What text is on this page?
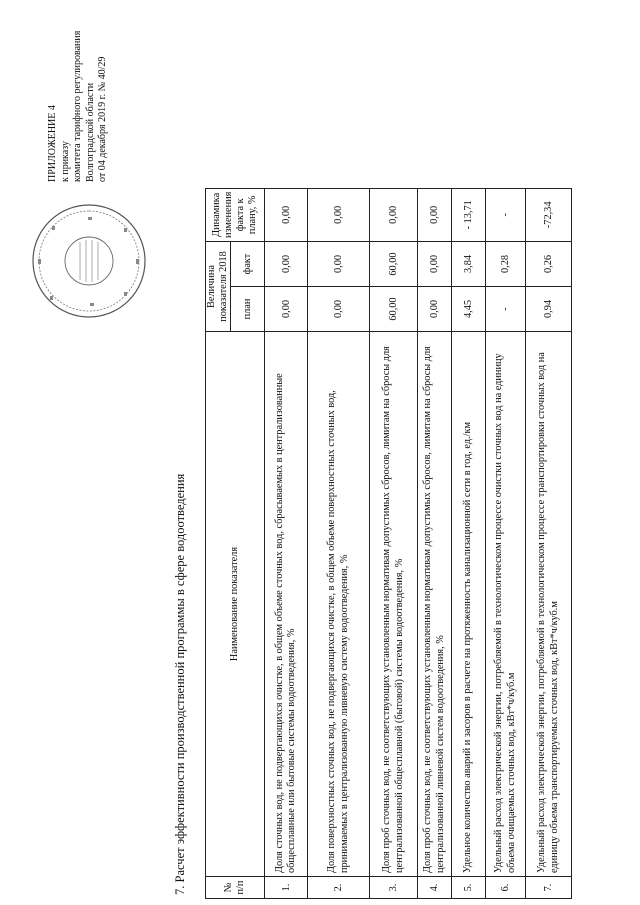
ПРИЛОЖЕНИЕ 4 к приказу комитета тарифного регулирования Волгоградской области от 04 декабря 2019 г. № 40/29
7. Расчет эффективности производственной программы в сфере водоотведения	№ п/п	Наименование показателя	Величина показателя 2018		Динамика изменения факта к плану, %
		план	факт	
1.	Доля сточных вод, не подвергающихся очистке, в общем объеме сточных вод, сбрасываемых в централизованные общесплавные или бытовые системы водоотведения, %	0,00	0,00	0,00
2.	Доля поверхностных сточных вод, не подвергающихся очистке, в общем объеме поверхностных сточных вод, принимаемых в централизованную ливневую систему водоотведения, %	0,00	0,00	0,00
3.	Доля проб сточных вод, не соответствующих установленным нормативам допустимых сбросов, лимитам на сбросы для централизованной общесплавной (бытовой) системы водоотведения, %	60,00	60,00	0,00
4.	Доля проб сточных вод, не соответствующих установленным нормативам допустимых сбросов, лимитам на сбросы для централизованной ливневой систем водоотведения, %	0,00	0,00	0,00
5.	Удельное количество аварий и засоров в расчете на протяженность канализационной сети в год, ед./км	4,45	3,84	- 13,71
6.	Удельный расход электрической энергии, потребляемой в технологическом процессе очистки сточных вод на единицу объема очищаемых сточных вод, кВт*ч/куб.м	-	0,28	-
7.	Удельный расход электрической энергии, потребляемой в технологическом процессе транспортировки сточных вод на единицу объема транспортируемых сточных вод, кВт*ч/куб.м	0,94	0,26	-72,34
